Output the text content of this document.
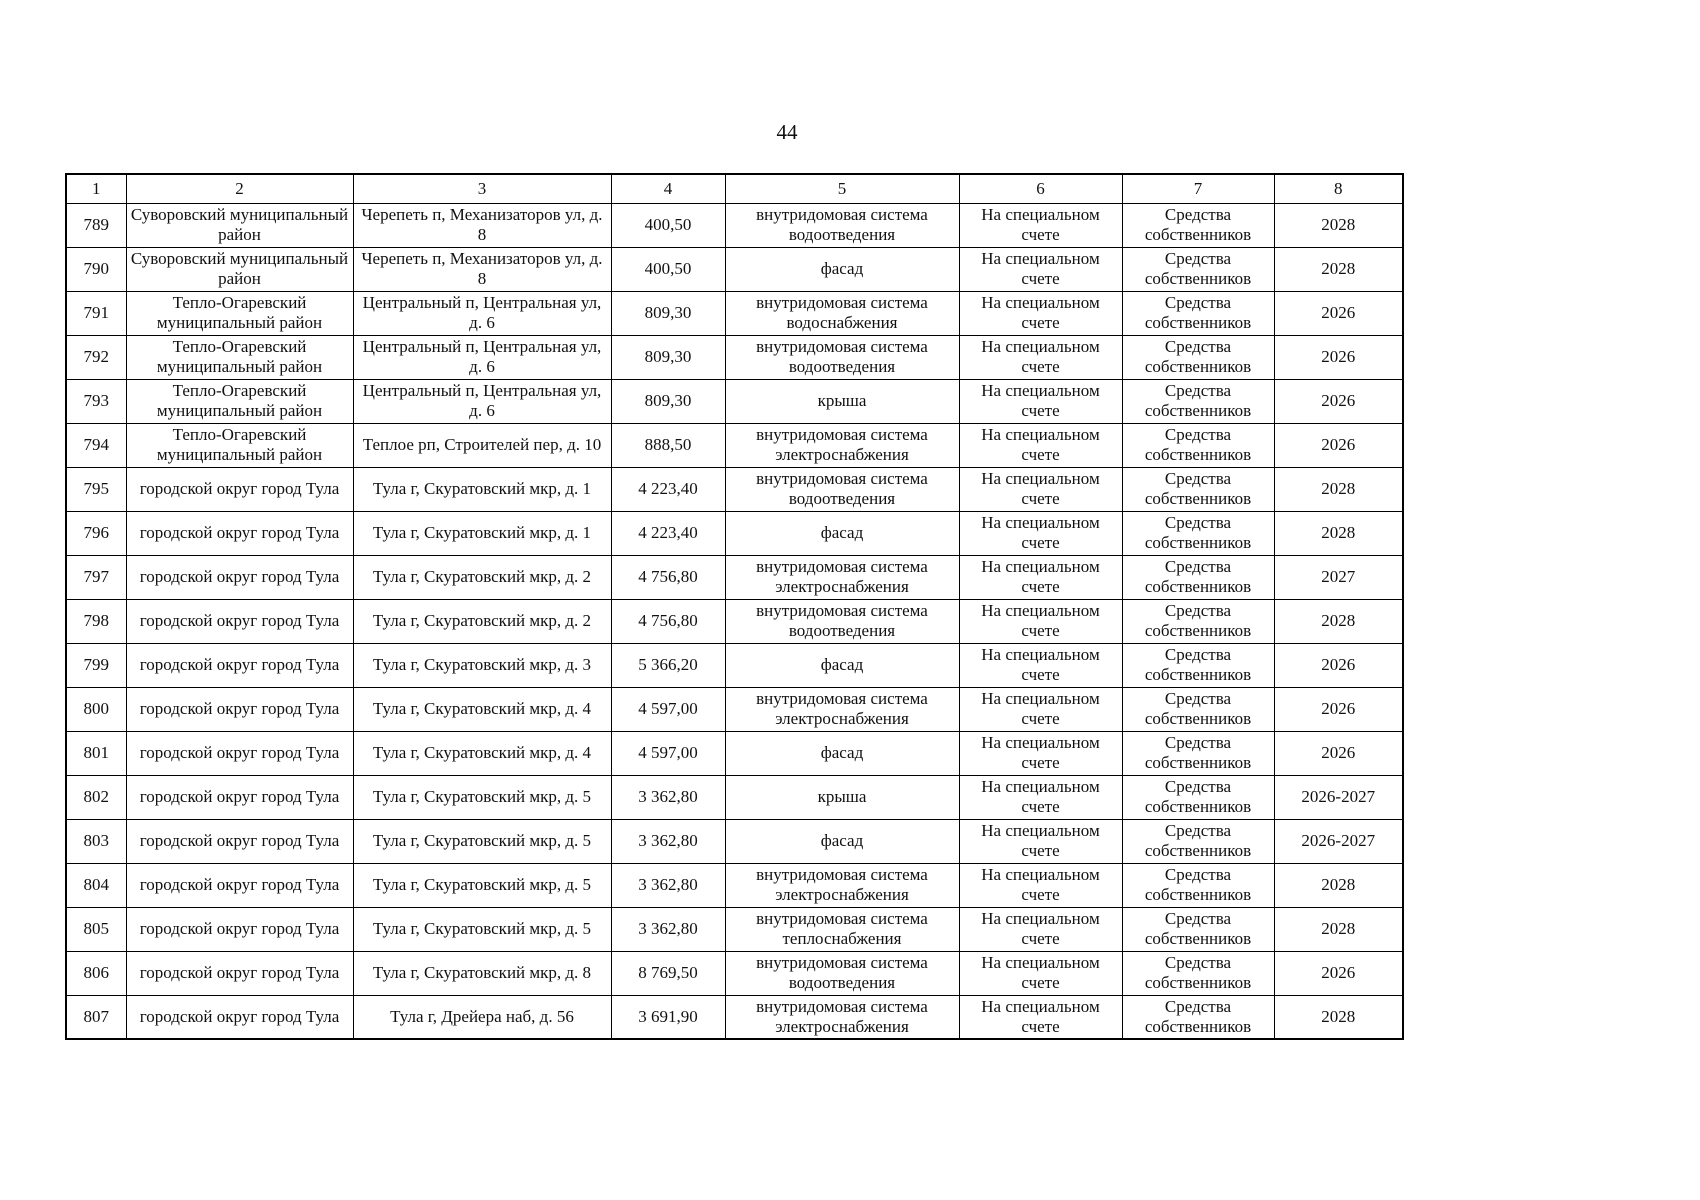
44
1	2	3	4	5	6	7	8
789	Суворовский муниципальный район	Черепеть п, Механизаторов ул, д. 8	400,50	внутридомовая система водоотведения	На специальном счете	Средства собственников	2028
790	Суворовский муниципальный район	Черепеть п, Механизаторов ул, д. 8	400,50	фасад	На специальном счете	Средства собственников	2028
791	Тепло-Огаревский муниципальный район	Центральный п, Центральная ул, д. 6	809,30	внутридомовая система водоснабжения	На специальном счете	Средства собственников	2026
792	Тепло-Огаревский муниципальный район	Центральный п, Центральная ул, д. 6	809,30	внутридомовая система водоотведения	На специальном счете	Средства собственников	2026
793	Тепло-Огаревский муниципальный район	Центральный п, Центральная ул, д. 6	809,30	крыша	На специальном счете	Средства собственников	2026
794	Тепло-Огаревский муниципальный район	Теплое рп, Строителей пер, д. 10	888,50	внутридомовая система электроснабжения	На специальном счете	Средства собственников	2026
795	городской округ город Тула	Тула г, Скуратовский мкр, д. 1	4 223,40	внутридомовая система водоотведения	На специальном счете	Средства собственников	2028
796	городской округ город Тула	Тула г, Скуратовский мкр, д. 1	4 223,40	фасад	На специальном счете	Средства собственников	2028
797	городской округ город Тула	Тула г, Скуратовский мкр, д. 2	4 756,80	внутридомовая система электроснабжения	На специальном счете	Средства собственников	2027
798	городской округ город Тула	Тула г, Скуратовский мкр, д. 2	4 756,80	внутридомовая система водоотведения	На специальном счете	Средства собственников	2028
799	городской округ город Тула	Тула г, Скуратовский мкр, д. 3	5 366,20	фасад	На специальном счете	Средства собственников	2026
800	городской округ город Тула	Тула г, Скуратовский мкр, д. 4	4 597,00	внутридомовая система электроснабжения	На специальном счете	Средства собственников	2026
801	городской округ город Тула	Тула г, Скуратовский мкр, д. 4	4 597,00	фасад	На специальном счете	Средства собственников	2026
802	городской округ город Тула	Тула г, Скуратовский мкр, д. 5	3 362,80	крыша	На специальном счете	Средства собственников	2026-2027
803	городской округ город Тула	Тула г, Скуратовский мкр, д. 5	3 362,80	фасад	На специальном счете	Средства собственников	2026-2027
804	городской округ город Тула	Тула г, Скуратовский мкр, д. 5	3 362,80	внутридомовая система электроснабжения	На специальном счете	Средства собственников	2028
805	городской округ город Тула	Тула г, Скуратовский мкр, д. 5	3 362,80	внутридомовая система теплоснабжения	На специальном счете	Средства собственников	2028
806	городской округ город Тула	Тула г, Скуратовский мкр, д. 8	8 769,50	внутридомовая система водоотведения	На специальном счете	Средства собственников	2026
807	городской округ город Тула	Тула г, Дрейера наб, д. 56	3 691,90	внутридомовая система электроснабжения	На специальном счете	Средства собственников	2028
